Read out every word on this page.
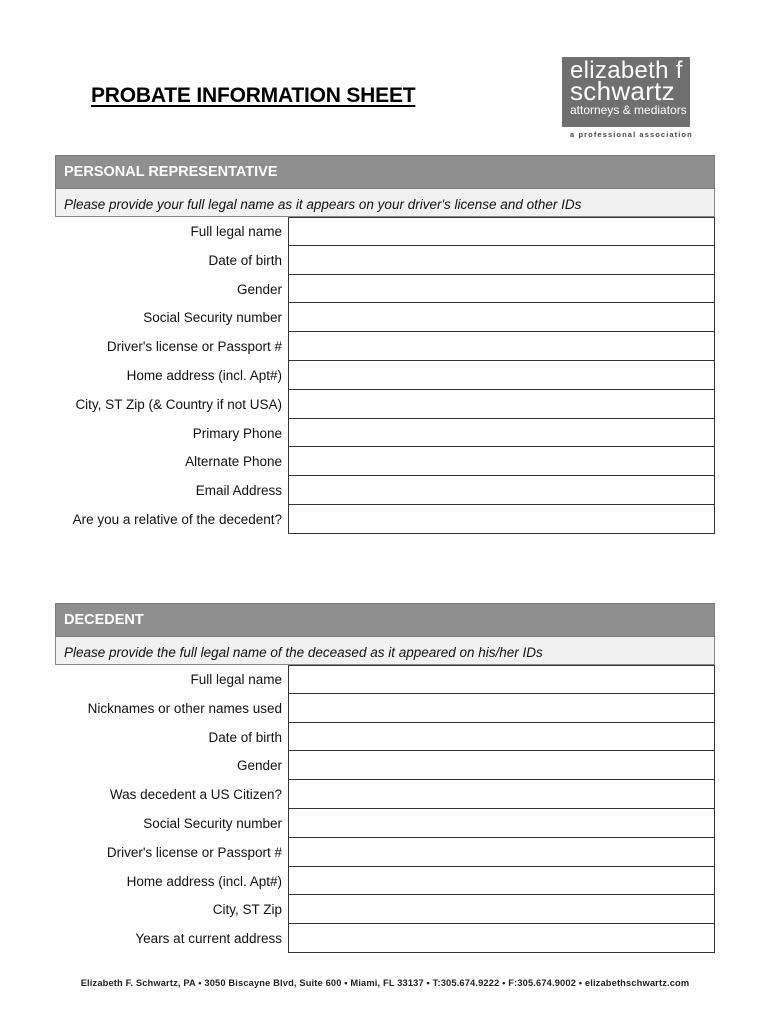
PROBATE INFORMATION SHEET
elizabeth f
schwartz
attorneys & mediators
a professional association
PERSONAL REPRESENTATIVE
Please provide your full legal name as it appears on your driver's license and other IDs
Full legal name
Date of birth
Gender
Social Security number
Driver's license or Passport #
Home address (incl. Apt#)
City, ST Zip (& Country if not USA)
Primary Phone
Alternate Phone
Email Address
Are you a relative of the decedent?
DECEDENT
Please provide the full legal name of the deceased as it appeared on his/her IDs
Full legal name
Nicknames or other names used
Date of birth
Gender
Was decedent a US Citizen?
Social Security number
Driver's license or Passport #
Home address (incl. Apt#)
City, ST Zip
Years at current address
Elizabeth F. Schwartz, PA • 3050 Biscayne Blvd, Suite 600 • Miami, FL 33137 • T:305.674.9222 • F:305.674.9002 • elizabethschwartz.com
